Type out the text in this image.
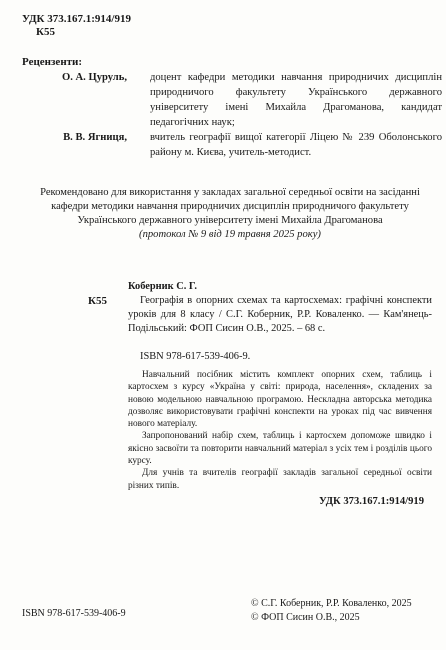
УДК 373.167.1:914/919
К55
Рецензенти:
О. А. Цуруль, доцент кафедри методики навчання природничих дисциплін природничого факультету Українського державного університету імені Михайла Драгоманова, кандидат педагогічних наук;
В. В. Ягниця, вчитель географії вищої категорії Ліцею № 239 Оболонського району м. Києва, учитель-методист.
Рекомендовано для використання у закладах загальної середньої освіти на засіданні кафедри методики навчання природничих дисциплін природничого факультету Українського державного університету імені Михайла Драгоманова
(протокол № 9 від 19 травня 2025 року)
К55
Коберник С. Г.
Географія в опорних схемах та картосхемах: графічні конспекти уроків для 8 класу / С.Г. Коберник, Р.Р. Коваленко. — Кам'янець-Подільський: ФОП Сисин О.В., 2025. – 68 с.
ISBN 978-617-539-406-9.

Навчальний посібник містить комплект опорних схем, таблиць і картосхем з курсу «Україна у світі: природа, населення», складених за новою модельною навчальною програмою. Нескладна авторська методика дозволяє використовувати графічні конспекти на уроках під час вивчення нового матеріалу.

Запропонований набір схем, таблиць і картосхем допоможе швидко і якісно засвоїти та повторити навчальний матеріал з усіх тем і розділів цього курсу.

Для учнів та вчителів географії закладів загальної середньої освіти різних типів.

УДК 373.167.1:914/919
ISBN 978-617-539-406-9
© С.Г. Коберник, Р.Р. Коваленко, 2025
© ФОП Сисин О.В., 2025
